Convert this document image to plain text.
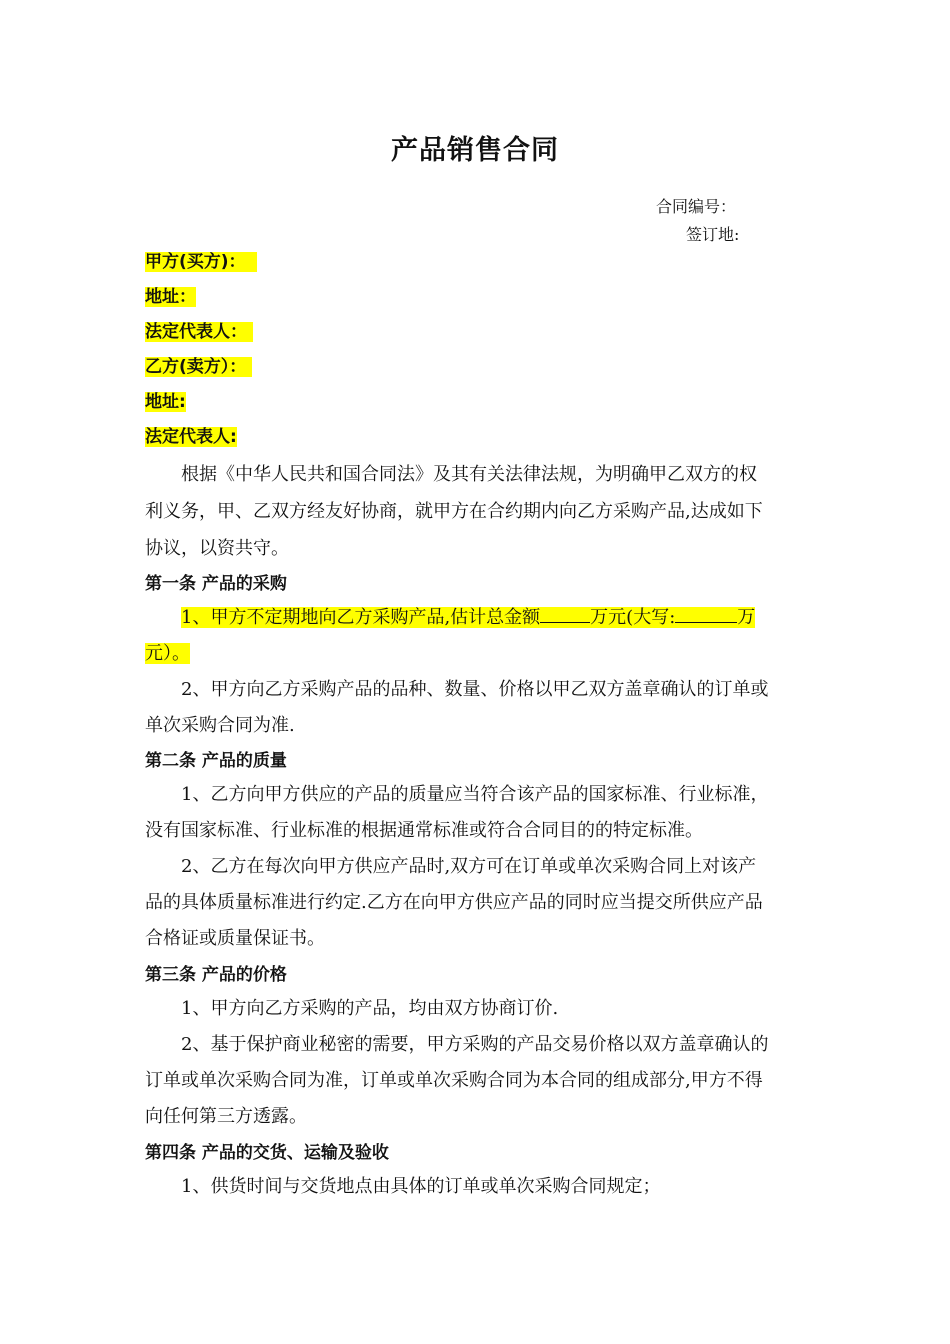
产品销售合同
合同编号：
签订地:
甲方(买方)：
地址：
法定代表人：
乙方(卖方）：
地址:
法定代表人:
根据《中华人民共和国合同法》及其有关法律法规，为明确甲乙双方的权
利义务，甲、乙双方经友好协商，就甲方在合约期内向乙方采购产品,达成如下
协议，以资共守。
第一条 产品的采购
1、甲方不定期地向乙方采购产品,估计总金额	万元(大写:	万
元）。
2、甲方向乙方采购产品的品种、数量、价格以甲乙双方盖章确认的订单或
单次采购合同为准.
第二条 产品的质量
1、乙方向甲方供应的产品的质量应当符合该产品的国家标准、行业标准，
没有国家标准、行业标准的根据通常标准或符合合同目的的特定标准。
2、乙方在每次向甲方供应产品时,双方可在订单或单次采购合同上对该产
品的具体质量标准进行约定.乙方在向甲方供应产品的同时应当提交所供应产品
合格证或质量保证书。
第三条 产品的价格
1、甲方向乙方采购的产品，均由双方协商订价.
2、基于保护商业秘密的需要，甲方采购的产品交易价格以双方盖章确认的
订单或单次采购合同为准，订单或单次采购合同为本合同的组成部分,甲方不得
向任何第三方透露。
第四条 产品的交货、运输及验收
1、供货时间与交货地点由具体的订单或单次采购合同规定；
